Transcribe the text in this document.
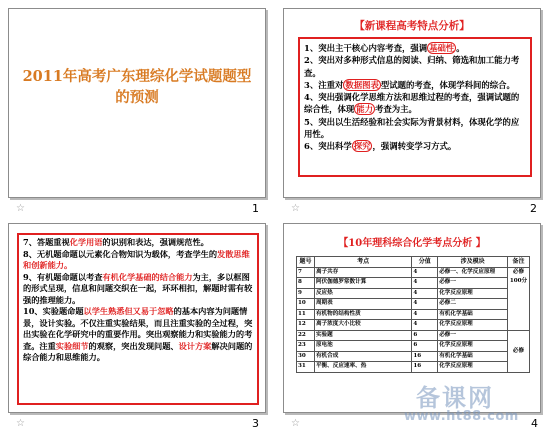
2011年高考广东理综化学试题题型的预测
☆	1
【新课程高考特点分析】
1、突出主干核心内容考查，强调 基础性 。
2、突出对多种形式信息的阅读、归纳、筛选和加工能力考查。
3、注重对 数据图表 型试题的考查，体现学科间的综合。
4、突出强调化学思维方法和思维过程的考查，强调试题的综合性，体现 能力 考查为主。
5、突出以生活经验和社会实际为背景材料，体现化学的应用性。
6、突出科学 探究 ，强调转变学习方式。
☆	2
7、答题重视化学用语的识别和表达，强调规范性。
8、无机题命题以元素化合物知识为载体，考查学生的发散思维和创新能力。
9、有机题命题以考查有机化学基础的结合能力为主，多以框图的形式呈现，信息和问题交织在一起，环环相扣，解题时需有较强的推理能力。
10、实验题命题以学生熟悉但又易于忽略的基本内容为问题情景，设计实验。不仅注重实验结果，而且注重实验的全过程，突出实验在化学研究中的重要作用。突出观察能力和实验能力的考查。注重实验细节的观察，突出发现问题、设计方案解决问题的综合能力和思维能力。
☆	3
【10年理科综合化学考点分析 】
题号	考点	分值	涉及模块	备注
7	离子共存	4	必修一、化学反应原理	必修100分
8	阿伏伽德罗常数计算	4	必修一	
9	反应热	4	化学反应原理	
10	周期表	4	必修二	
11	有机物的结构性质	4	有机化学基础	
12	离子浓度大小比较	4	化学反应原理	
22	实验题	6	必修一	必修
23	原电池	6	化学反应原理	
30	有机合成	16	有机化学基础	
31	平衡、反应速率、热	16	化学反应原理	
☆	4
备课网
www.ht88.com
